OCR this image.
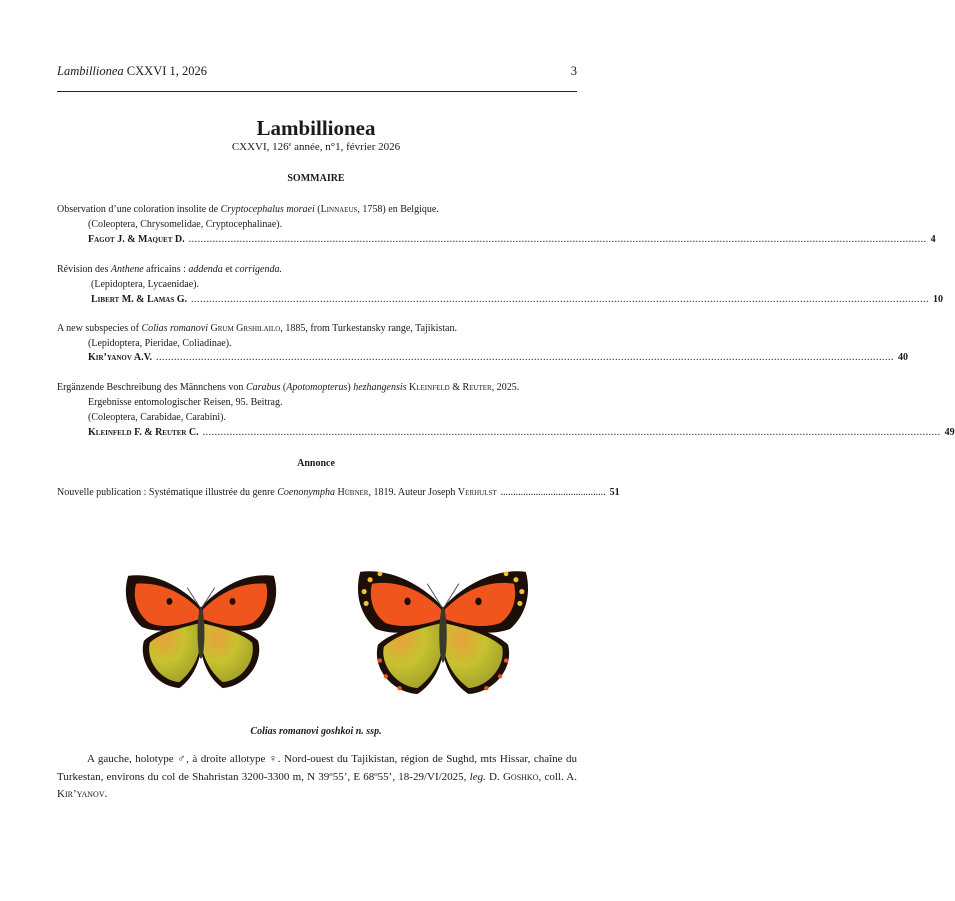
Lambillionea CXXVI 1, 2026	3
Lambillionea
CXXVI, 126e année, n°1, février 2026
SOMMAIRE
Observation d’une coloration insolite de Cryptocephalus moraei (Linnaeus, 1758) en Belgique.
(Coleoptera, Chrysomelidae, Cryptocephalinae).
Fagot J. & Maquet D. ...................................................................................................................................................................................................................................................... 4
Révision des Anthene africains : addenda et corrigenda.
(Lepidoptera, Lycaenidae).
Libert M. & Lamas G. ...................................................................................................................................................................................................................................................... 10
A new subspecies of Colias romanovi Grum Grshilailo, 1885, from Turkestansky range, Tajikistan.
(Lepidoptera, Pieridae, Coliadinae).
Kir’yanov A.V. ...................................................................................................................................................................................................................................................... 40
Ergänzende Beschreibung des Männchens von Carabus (Apotomopterus) hezhangensis Kleinfeld & Reuter, 2025.
Ergebnisse entomologischer Reisen, 95. Beitrag.
(Coleoptera, Carabidae, Carabini).
Kleinfeld F. & Reuter C. ...................................................................................................................................................................................................................................................... 49
Annonce
Nouvelle publication : Systématique illustrée du genre Coenonympha Hübner, 1819. Auteur Joseph Verhulst .......................................... 51
Colias romanovi goshkoi n. ssp.
A gauche, holotype ♂, à droite allotype ♀. Nord-ouest du Tajikistan, région de Sughd, mts Hissar, chaîne du Turkestan, environs du col de Shahristan 3200-3300 m, N 39º55’, E 68º55’, 18-29/VI/2025, leg. D. Goshko, coll. A. Kir’yanov.
